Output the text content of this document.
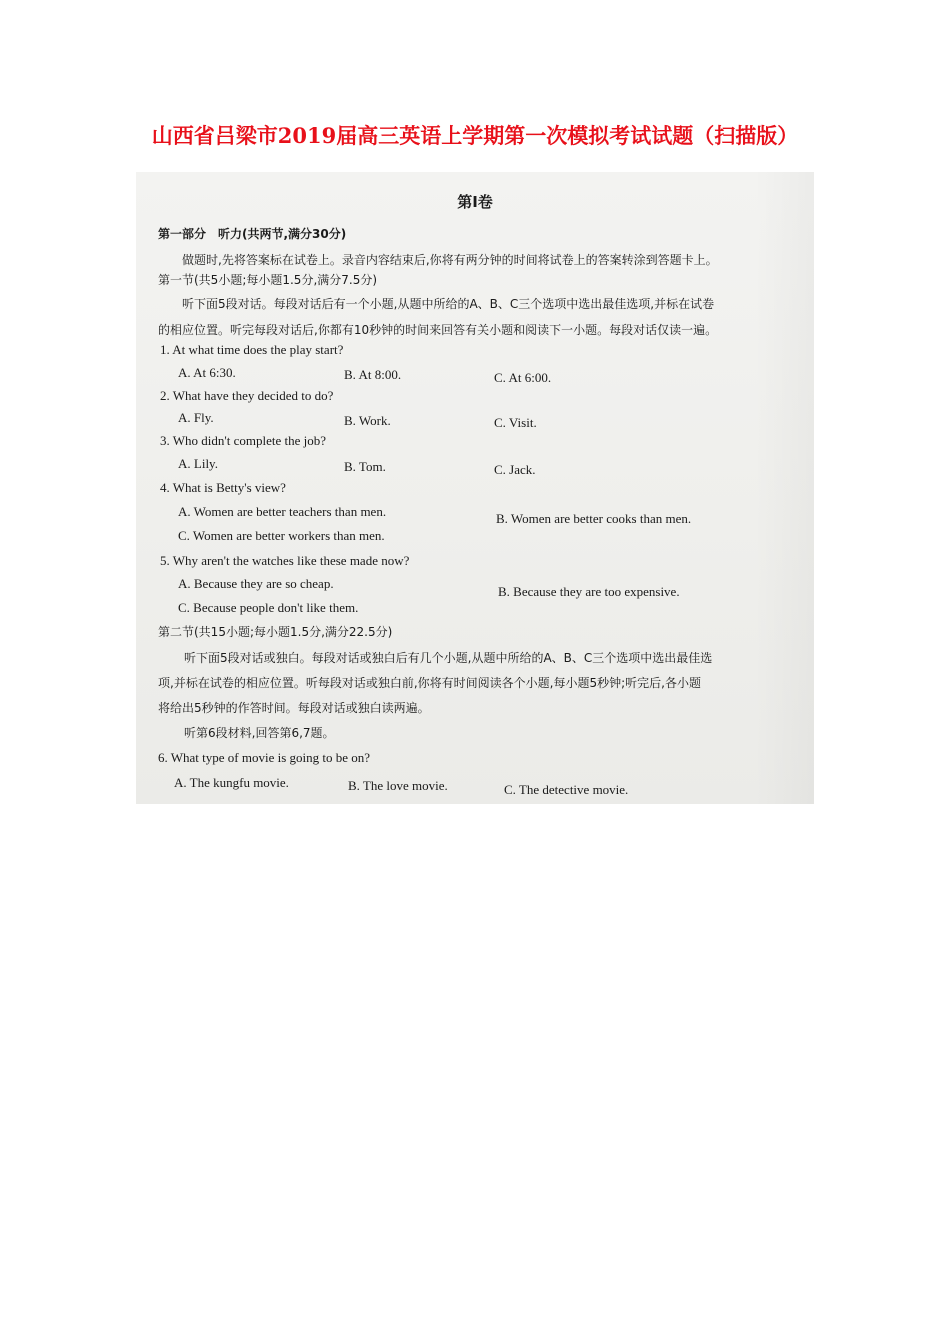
山西省吕梁市2019届高三英语上学期第一次模拟考试试题（扫描版）
第Ⅰ卷
第一部分　听力(共两节,满分30分)
做题时,先将答案标在试卷上。录音内容结束后,你将有两分钟的时间将试卷上的答案转涂到答题卡上。
第一节(共5小题;每小题1.5分,满分7.5分)
听下面5段对话。每段对话后有一个小题,从题中所给的A、B、C三个选项中选出最佳选项,并标在试卷
的相应位置。听完每段对话后,你都有10秒钟的时间来回答有关小题和阅读下一小题。每段对话仅读一遍。
1. At what time does the play start?
A. At 6:30.	B. At 8:00.	C. At 6:00.
2. What have they decided to do?
A. Fly.	B. Work.	C. Visit.
3. Who didn't complete the job?
A. Lily.	B. Tom.	C. Jack.
4. What is Betty's view?
A. Women are better teachers than men.	B. Women are better cooks than men.
C. Women are better workers than men.
5. Why aren't the watches like these made now?
A. Because they are so cheap.
B. Because they are too expensive.
C. Because people don't like them.
第二节(共15小题;每小题1.5分,满分22.5分)
听下面5段对话或独白。每段对话或独白后有几个小题,从题中所给的A、B、C三个选项中选出最佳选
项,并标在试卷的相应位置。听每段对话或独白前,你将有时间阅读各个小题,每小题5秒钟;听完后,各小题
将给出5秒钟的作答时间。每段对话或独白读两遍。
听第6段材料,回答第6,7题。
6. What type of movie is going to be on?
A. The kungfu movie.	B. The love movie.	C. The detective movie.
